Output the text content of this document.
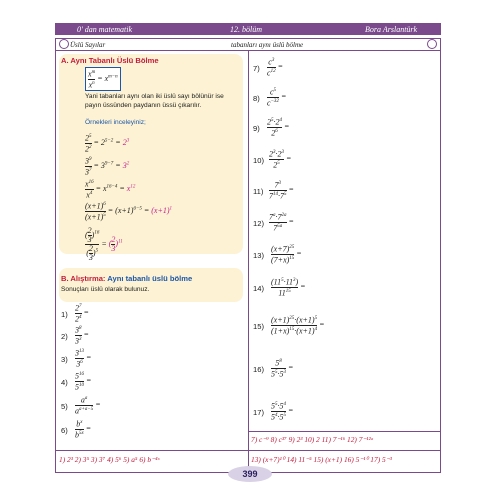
0' dan matematik	12. bölüm	Bora Arslantürk
Üslü Sayılar	tabanları aynı üslü bölme
A. Aynı Tabanlı Üslü Bölme
$\frac{x^m}{x^n} = x^{m-n}$
Yani tabanları aynı olan iki üslü sayı bölünür ise payın üssünden paydanın üssü çıkarılır.
Örnekleri inceleyiniz;
$\frac{2^5}{2^2} = 2^{5-2} = 2^3$
$\frac{3^9}{3^7} = 3^{9-7} = 3^2$
$\frac{x^{16}}{x^4} = x^{16-4} = x^{12}$
$\frac{(x+1)^6}{(x+1)^5} = (x+1)^{6-5} = (x+1)^1$
$\frac{( \frac{2}{3} )^{16}}{( \frac{2}{3} )^5}$ = ( $\frac{2}{3} )^{11}$
B. Alıştırma: Aynı tabanlı üslü bölme
Sonuçları üslü olarak bulunuz.
$1) \frac{2^7}{2^4}$ =
$2) \frac{3^8}{3^3}$ =
$3) \frac{3^{13}}{3^6}$ =
$4) \frac{5^{16}}{5^{10}}$ =
$5) \frac{a^a}{a^{a+a-5}}$ =
$6) \frac{b^x}{b^{5x}}$ =
$7) \frac{c^3}{c^{12}}$ =
$8) \frac{c^5}{c^{-32}}$ =
$9) \frac{2^5\cdot 2^4}{2^6}$ =
$10) \frac{2^3\cdot 2^3}{2^5}$ =
$11) \frac{7^3}{7^{14}\cdot 7^5}$ =
$12) \frac{7^a\cdot 7^{2a}}{7^{5a}}$ =
$13) \frac{(x+7)^{25}}{(7+x)^{15}}$ =
$14) \frac{(11^5\cdot 11^3)}{11^{15}}$ =
$15) \frac{(x+1)^{25}\cdot(x+1)^5}{(1+x)^{15}\cdot(x+1)^4}$ =
$16) \frac{5^8}{5^5\cdot 5^3}$ =
$17) \frac{5^5\cdot 5^4}{5^4\cdot 5^5}$ =
7) c⁻⁹ 8) c³⁷ 9) 2³ 10) 2 11) 7⁻¹⁶ 12) 7⁻¹²ᵃ
13) (x+7)¹⁰ 14) 11⁻⁵ 15) (x+1) 16) 5⁻¹⁰ 17) 5⁻³
1) 2³ 2) 3⁵ 3) 3⁷ 4) 5⁶ 5) a⁵ 6) b⁻⁴ˣ
399
